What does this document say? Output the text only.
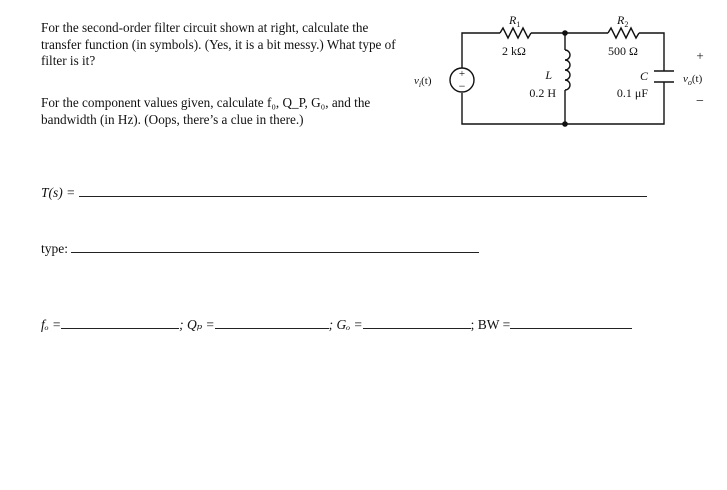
For the second-order filter circuit shown at right, calculate the transfer function (in symbols). (Yes, it is a bit messy.) What type of filter is it?

For the component values given, calculate f₀, Q_P, G₀, and the bandwidth (in Hz). (Oops, there’s a clue in there.)

+
−
$v_i(t)$
$R_1$
2 kΩ
$R_2$
500 Ω
L
0.2 H
C
0.1 μF
+
$v_o(t)$
−
T(s) =
type:
fₒ =	; Qₚ =	; Gₒ =	; BW =
